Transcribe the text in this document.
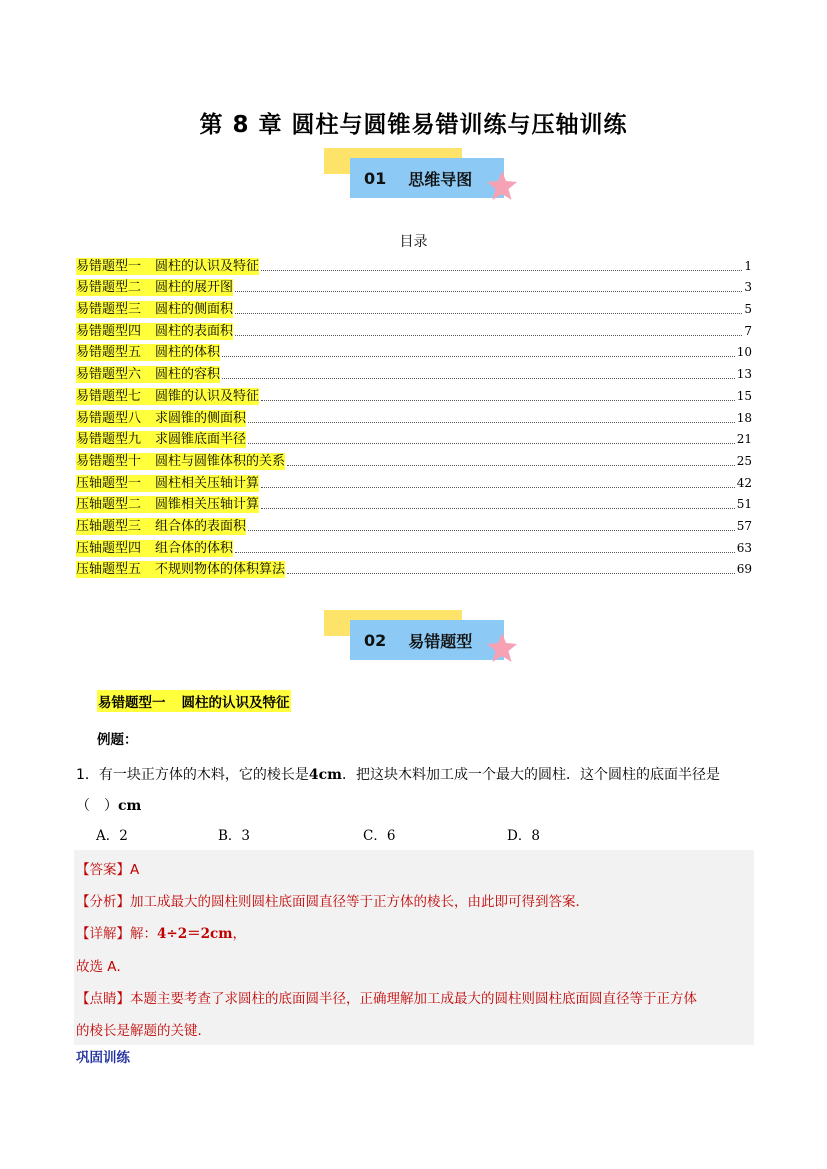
第 8 章 圆柱与圆锥易错训练与压轴训练
01 思维导图
目录
易错题型一 圆柱的认识及特征	1
易错题型二 圆柱的展开图	3
易错题型三 圆柱的侧面积	5
易错题型四 圆柱的表面积	7
易错题型五 圆柱的体积	10
易错题型六 圆柱的容积	13
易错题型七 圆锥的认识及特征	15
易错题型八 求圆锥的侧面积	18
易错题型九 求圆锥底面半径	21
易错题型十 圆柱与圆锥体积的关系	25
压轴题型一 圆柱相关压轴计算	42
压轴题型二 圆锥相关压轴计算	51
压轴题型三 组合体的表面积	57
压轴题型四 组合体的体积	63
压轴题型五 不规则物体的体积算法	69
02 易错题型
易错题型一 圆柱的认识及特征
例题：
1．有一块正方体的木料，它的棱长是4cm．把这块木料加工成一个最大的圆柱．这个圆柱的底面半径是
（　）cm
A．2	B．3	C．6	D．8
【答案】A
【分析】加工成最大的圆柱则圆柱底面圆直径等于正方体的棱长，由此即可得到答案．
【详解】解：4÷2＝2cm，
故选 A．
【点睛】本题主要考查了求圆柱的底面圆半径，正确理解加工成最大的圆柱则圆柱底面圆直径等于正方体
的棱长是解题的关键．
巩固训练
